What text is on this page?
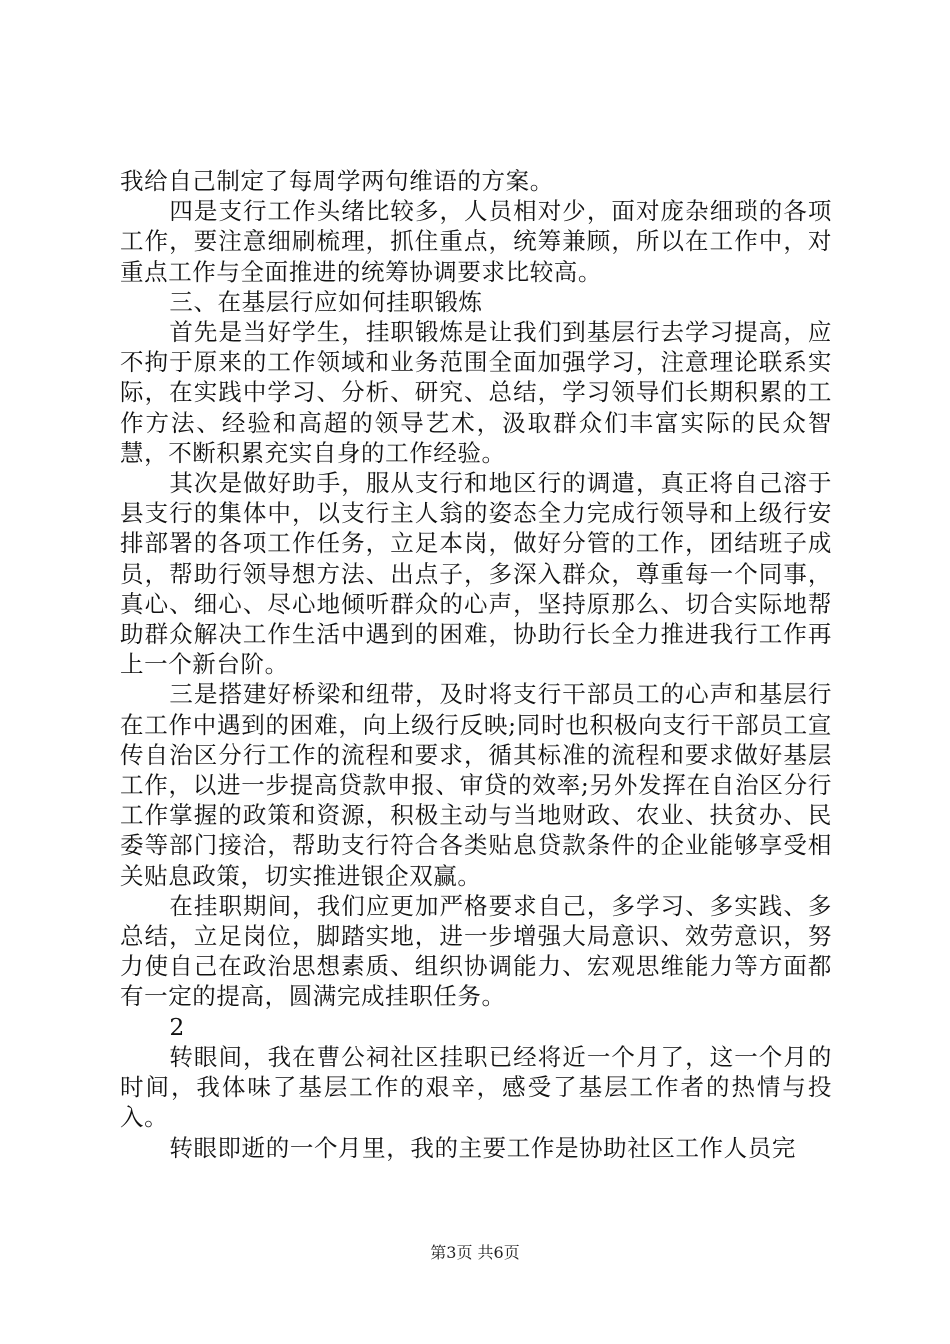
我给自己制定了每周学两句维语的方案。

四是支行工作头绪比较多，人员相对少，面对庞杂细琐的各项工作，要注意细刷梳理，抓住重点，统筹兼顾，所以在工作中，对重点工作与全面推进的统筹协调要求比较高。

三、在基层行应如何挂职锻炼

首先是当好学生，挂职锻炼是让我们到基层行去学习提高，应不拘于原来的工作领域和业务范围全面加强学习，注意理论联系实际，在实践中学习、分析、研究、总结，学习领导们长期积累的工作方法、经验和高超的领导艺术，汲取群众们丰富实际的民众智慧，不断积累充实自身的工作经验。

其次是做好助手，服从支行和地区行的调遣，真正将自己溶于县支行的集体中，以支行主人翁的姿态全力完成行领导和上级行安排部署的各项工作任务，立足本岗，做好分管的工作，团结班子成员，帮助行领导想方法、出点子，多深入群众，尊重每一个同事，真心、细心、尽心地倾听群众的心声，坚持原那么、切合实际地帮助群众解决工作生活中遇到的困难，协助行长全力推进我行工作再上一个新台阶。

三是搭建好桥梁和纽带，及时将支行干部员工的心声和基层行在工作中遇到的困难，向上级行反映;同时也积极向支行干部员工宣传自治区分行工作的流程和要求，循其标准的流程和要求做好基层工作，以进一步提高贷款申报、审贷的效率;另外发挥在自治区分行工作掌握的政策和资源，积极主动与当地财政、农业、扶贫办、民委等部门接洽，帮助支行符合各类贴息贷款条件的企业能够享受相关贴息政策，切实推进银企双赢。

在挂职期间，我们应更加严格要求自己，多学习、多实践、多总结，立足岗位，脚踏实地，进一步增强大局意识、效劳意识，努力使自己在政治思想素质、组织协调能力、宏观思维能力等方面都有一定的提高，圆满完成挂职任务。

2

转眼间，我在曹公祠社区挂职已经将近一个月了，这一个月的时间，我体味了基层工作的艰辛，感受了基层工作者的热情与投入。

转眼即逝的一个月里，我的主要工作是协助社区工作人员完

第3页 共6页
